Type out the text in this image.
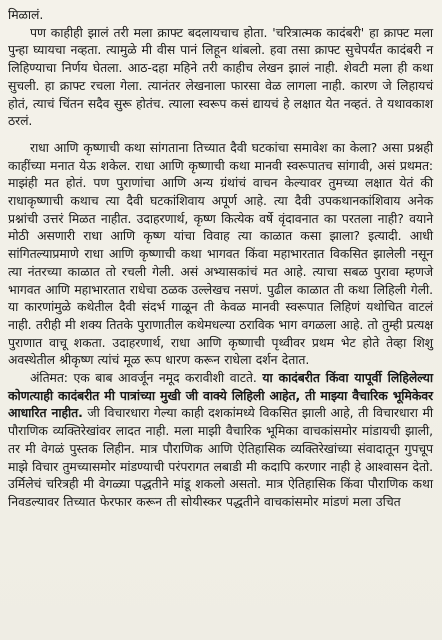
मिळालं.

पण काहीही झालं तरी मला क्राफ्ट बदलायचाच होता. 'चरित्रात्मक कादंबरी' हा क्राफ्ट मला पुन्हा घ्यायचा नव्हता. त्यामुळे मी वीस पानं लिहून थांबलो. हवा तसा क्राफ्ट सुचेपर्यंत कादंबरी न लिहिण्याचा निर्णय घेतला. आठ-दहा महिने तरी काहीच लेखन झालं नाही. शेवटी मला ही कथा सुचली. हा क्राफ्ट रचला गेला. त्यानंतर लेखनाला फारसा वेळ लागला नाही. कारण जे लिहायचं होतं, त्याचं चिंतन सदैव सुरू होतंच. त्याला स्वरूप कसं द्यायचं हे लक्षात येत नव्हतं. ते यथावकाश ठरलं.

राधा आणि कृष्णाची कथा सांगताना तिच्यात दैवी घटकांचा समावेश का केला? असा प्रश्नही काहींच्या मनात येऊ शकेल. राधा आणि कृष्णाची कथा मानवी स्वरूपातच सांगावी, असं प्रथमत: माझंही मत होतं. पण पुराणांचा आणि अन्य ग्रंथांचं वाचन केल्यावर तुमच्या लक्षात येतं की राधाकृष्णाची कथाच त्या दैवी घटकांशिवाय अपूर्ण आहे. त्या दैवी उपकथानकांशिवाय अनेक प्रश्नांची उत्तरं मिळत नाहीत. उदाहरणार्थ, कृष्ण कित्येक वर्षे वृंदावनात का परतला नाही? वयाने मोठी असणारी राधा आणि कृष्ण यांचा विवाह त्या काळात कसा झाला? इत्यादी. आधी सांगितल्याप्रमाणे राधा आणि कृष्णाची कथा भागवत किंवा महाभारतात विकसित झालेली नसून त्या नंतरच्या काळात तो रचली गेली. असं अभ्यासकांचं मत आहे. त्याचा सबळ पुरावा म्हणजे भागवत आणि महाभारतात राधेचा ठळक उल्लेखच नसणं. पुढील काळात ती कथा लिहिली गेली. या कारणांमुळे कथेतील दैवी संदर्भ गाळून ती केवळ मानवी स्वरूपात लिहिणं यथोचित वाटलं नाही. तरीही मी शक्य तितके पुराणातील कथेमधल्या ठराविक भाग वगळला आहे. तो तुम्ही प्रत्यक्ष पुराणात वाचू शकता. उदाहरणार्थ, राधा आणि कृष्णाची पृथ्वीवर प्रथम भेट होते तेव्हा शिशु अवस्थेतील श्रीकृष्ण त्यांचं मूळ रूप धारण करून राधेला दर्शन देतात.

अंतिमत: एक बाब आवर्जून नमूद करावीशी वाटते. या कादंबरीत किंवा यापूर्वी लिहिलेल्या कोणत्याही कादंबरीत मी पात्रांच्या मुखी जी वाक्ये लिहिली आहेत, ती माझ्या वैचारिक भूमिकेवर आधारित नाहीत. जी विचारधारा गेल्या काही दशकांमध्ये विकसित झाली आहे, ती विचारधारा मी पौराणिक व्यक्तिरेखांवर लादत नाही. मला माझी वैचारिक भूमिका वाचकांसमोर मांडायची झाली, तर मी वेगळं पुस्तक लिहीन. मात्र पौराणिक आणि ऐतिहासिक व्यक्तिरेखांच्या संवादातून गुपचूप माझे विचार तुमच्यासमोर मांडण्याची परंपरागत लबाडी मी कदापि करणार नाही हे आश्वासन देतो. उर्मिलेचं चरित्रही मी वेगळ्या पद्धतीने मांडू शकलो असतो. मात्र ऐतिहासिक किंवा पौराणिक कथा निवडल्यावर तिच्यात फेरफार करून ती सोयीस्कर पद्धतीने वाचकांसमोर मांडणं मला उचित
